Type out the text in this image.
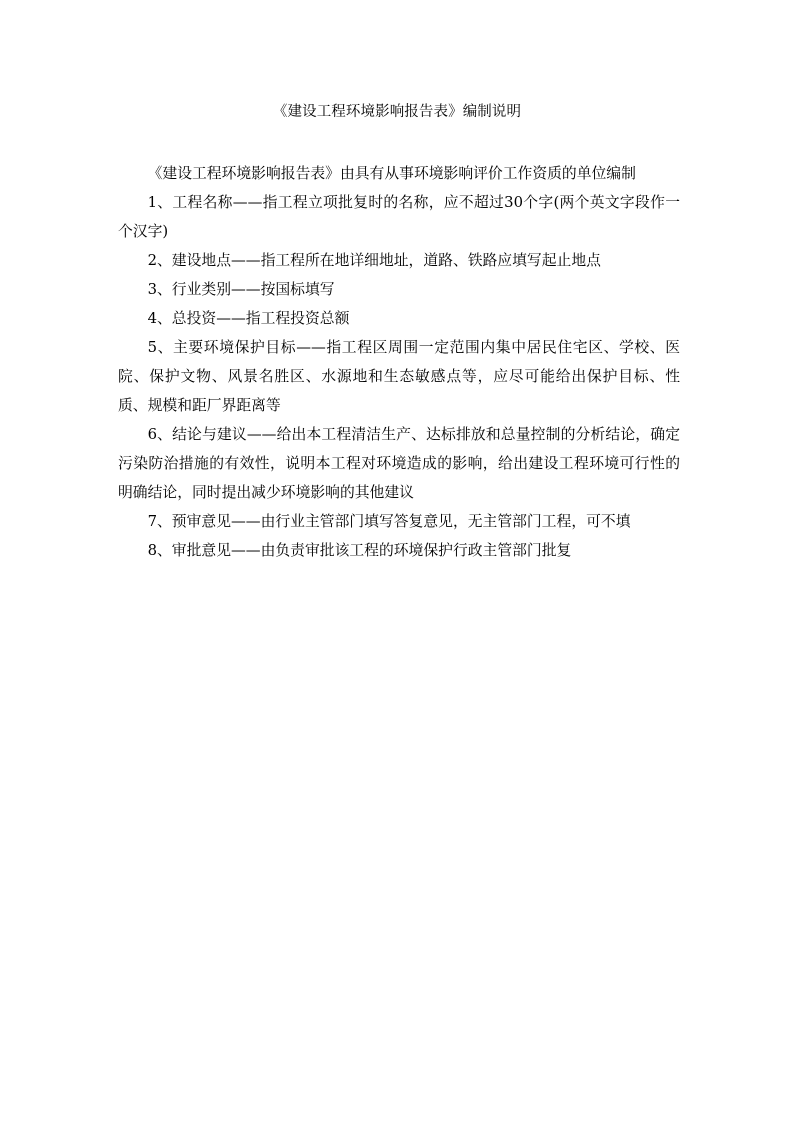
《建设工程环境影响报告表》编制说明

《建设工程环境影响报告表》由具有从事环境影响评价工作资质的单位编制

1、工程名称——指工程立项批复时的名称，应不超过30个字(两个英文字段作一个汉字)

2、建设地点——指工程所在地详细地址，道路、铁路应填写起止地点

3、行业类别——按国标填写

4、总投资——指工程投资总额

5、主要环境保护目标——指工程区周围一定范围内集中居民住宅区、学校、医院、保护文物、风景名胜区、水源地和生态敏感点等，应尽可能给出保护目标、性质、规模和距厂界距离等

6、结论与建议——给出本工程清洁生产、达标排放和总量控制的分析结论，确定污染防治措施的有效性，说明本工程对环境造成的影响，给出建设工程环境可行性的明确结论，同时提出减少环境影响的其他建议

7、预审意见——由行业主管部门填写答复意见，无主管部门工程，可不填

8、审批意见——由负责审批该工程的环境保护行政主管部门批复
